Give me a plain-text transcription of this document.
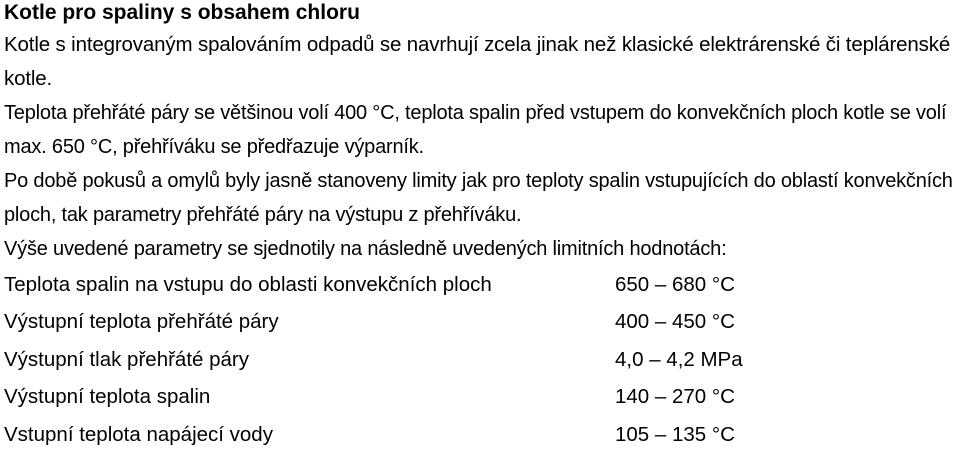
Kotle pro spaliny s obsahem chloru

Kotle s integrovaným spalováním odpadů se navrhují zcela jinak než klasické elektrárenské či teplárenské kotle.

Teplota přehřáté páry se většinou volí 400 °C, teplota spalin před vstupem do konvekčních ploch kotle se volí max. 650 °C, přehříváku se předřazuje výparník.

Po době pokusů a omylů byly jasně stanoveny limity jak pro teploty spalin vstupujících do oblastí konvekčních ploch, tak parametry přehřáté páry na výstupu z přehříváku.

Výše uvedené parametry se sjednotily na následně uvedených limitních hodnotách:

Teplota spalin na vstupu do oblasti konvekčních ploch	650 – 680 °C
Výstupní teplota přehřáté páry	400 – 450 °C
Výstupní tlak přehřáté páry	4,0 – 4,2 MPa
Výstupní teplota spalin	140 – 270 °C
Vstupní teplota napájecí vody	105 – 135 °C
